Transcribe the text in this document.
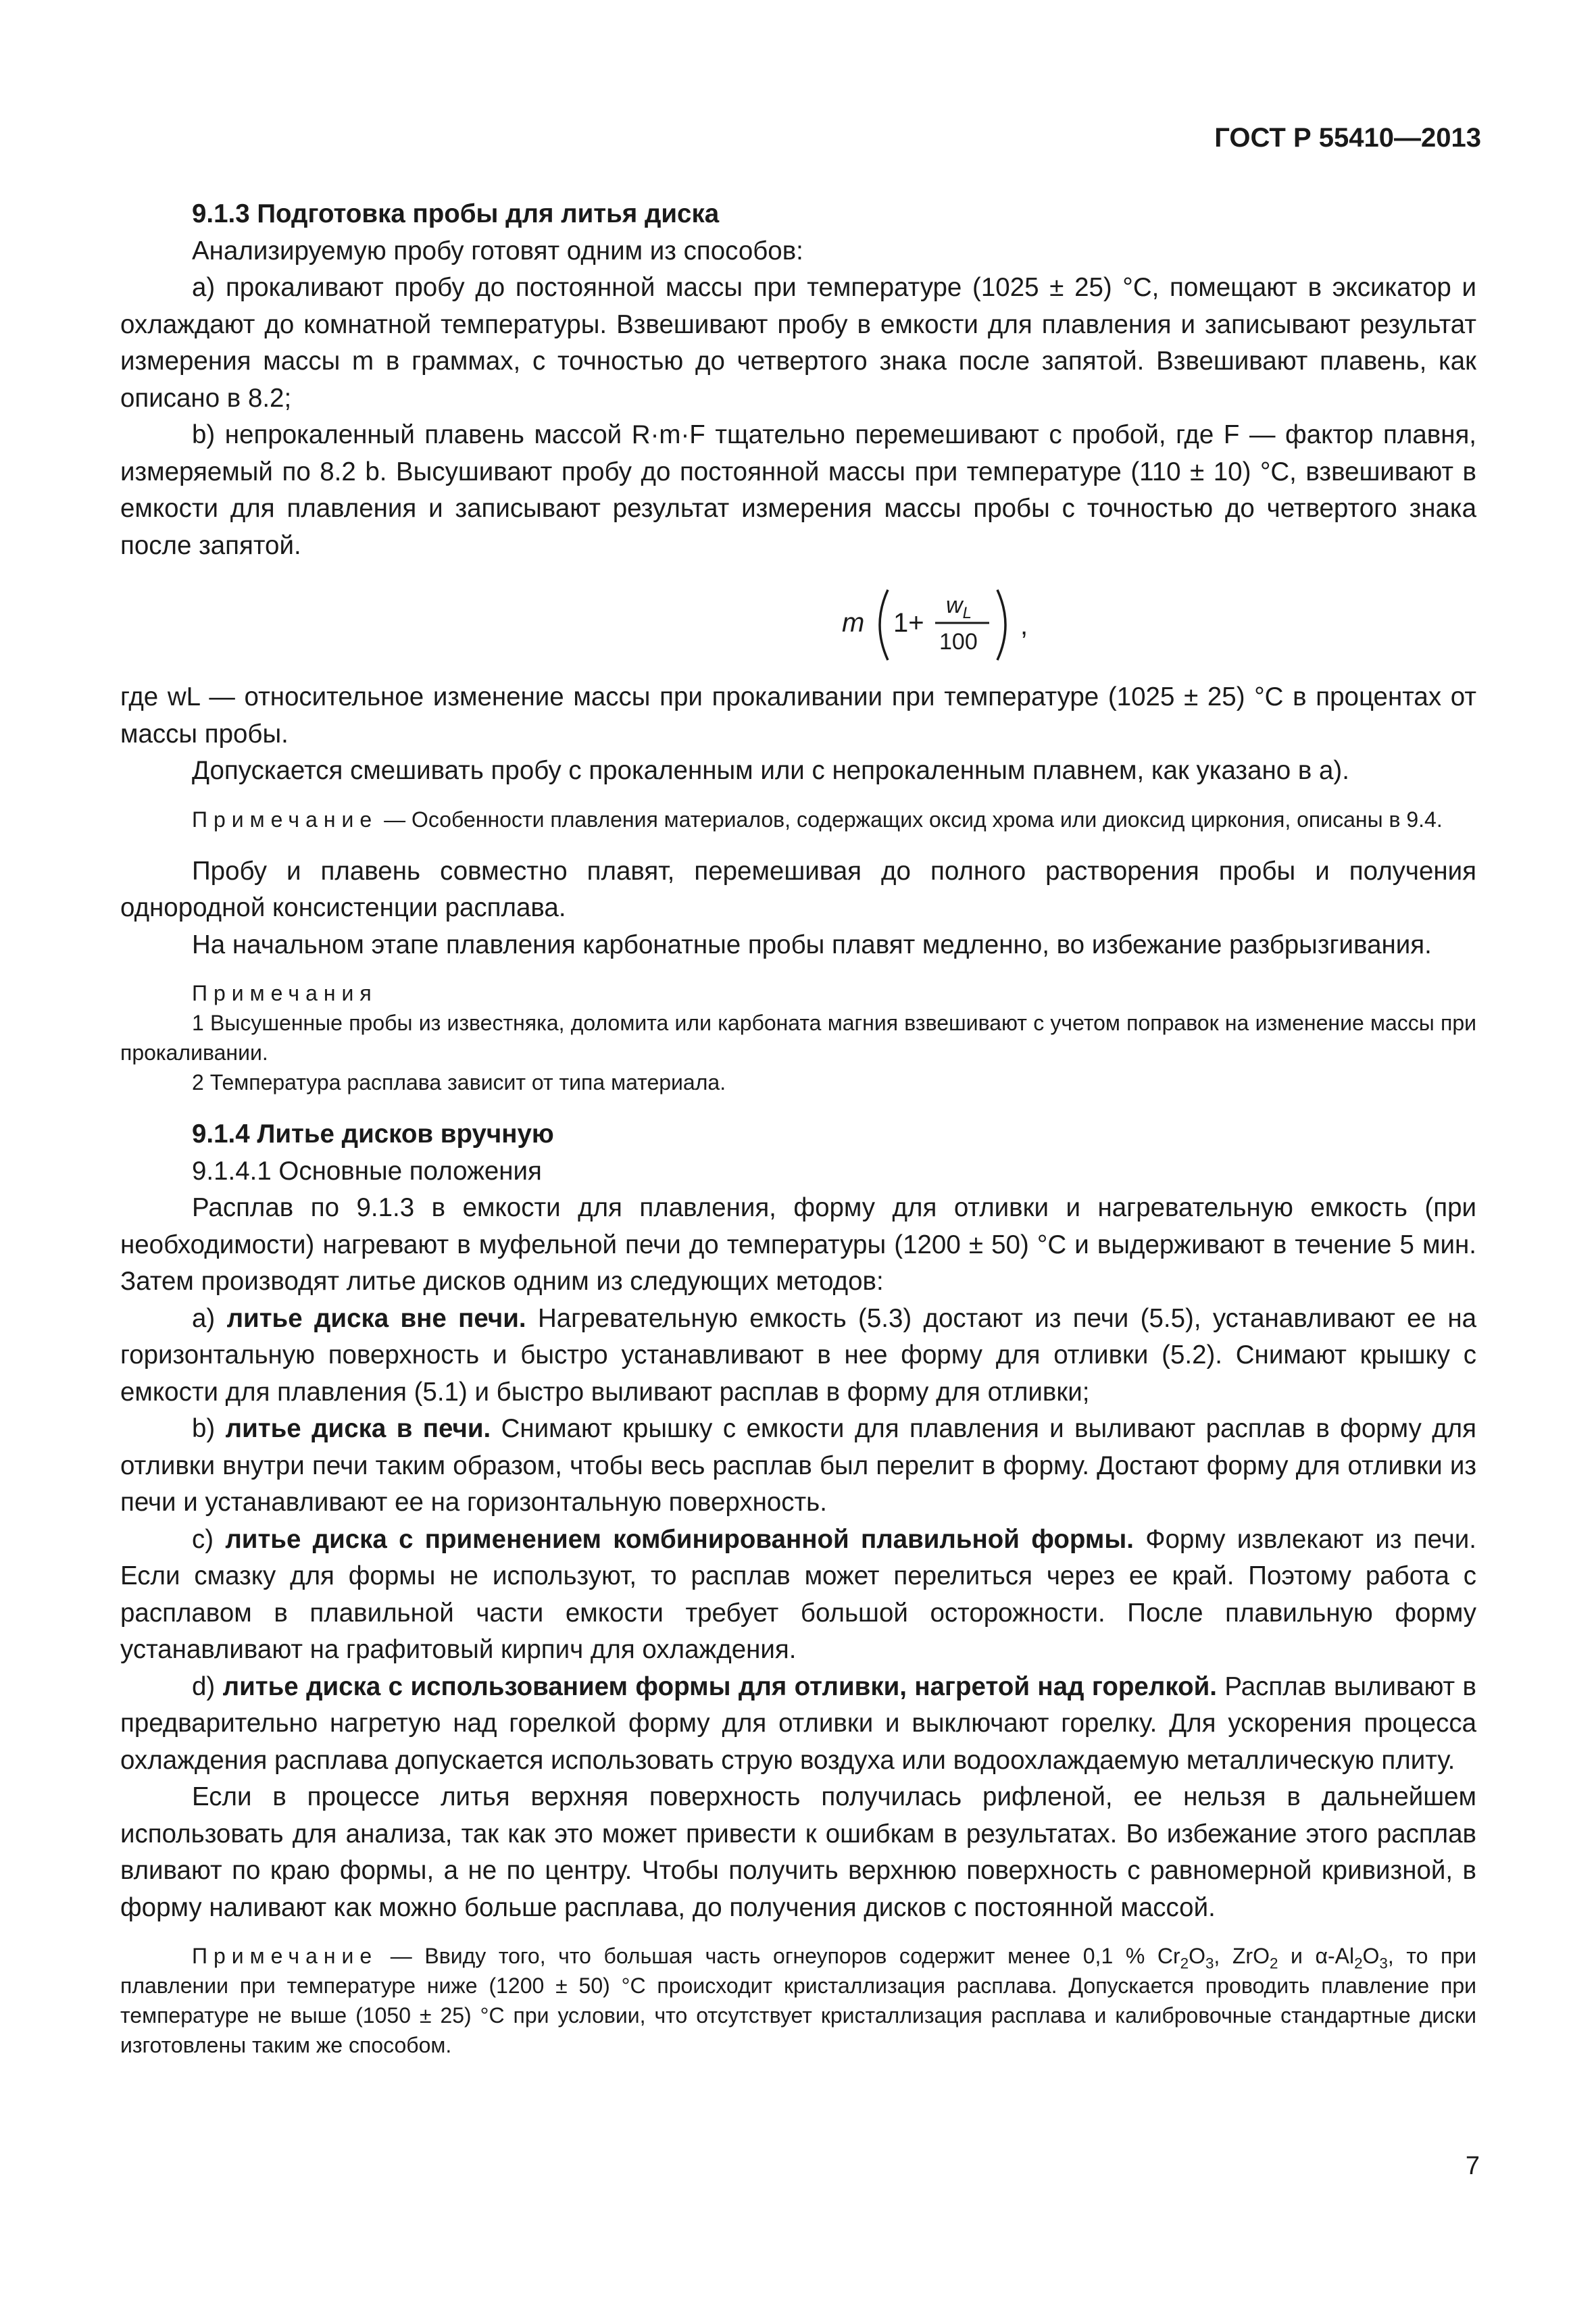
ГОСТ Р 55410—2013

9.1.3 Подготовка пробы для литья диска

Анализируемую пробу готовят одним из способов:

а) прокаливают пробу до постоянной массы при температуре (1025 ± 25) °С, помещают в эксикатор и охлаждают до комнатной температуры. Взвешивают пробу в емкости для плавления и записывают результат измерения массы m в граммах, с точностью до четвертого знака после запятой. Взвешивают плавень, как описано в 8.2;

b) непрокаленный плавень массой R·m·F тщательно перемешивают с пробой, где F — фактор плавня, измеряемый по 8.2 b. Высушивают пробу до постоянной массы при температуре (110 ± 10) °С, взвешивают в емкости для плавления и записывают результат измерения массы пробы с точностью до четвертого знака после запятой.

m 1+
$w_L$
100
,

где wL — относительное изменение массы при прокаливании при температуре (1025 ± 25) °С в процентах от массы пробы.

Допускается смешивать пробу с прокаленным или с непрокаленным плавнем, как указано в а).

Примечание — Особенности плавления материалов, содержащих оксид хрома или диоксид циркония, описаны в 9.4.

Пробу и плавень совместно плавят, перемешивая до полного растворения пробы и получения однородной консистенции расплава.

На начальном этапе плавления карбонатные пробы плавят медленно, во избежание разбрызгивания.

Примечания

1 Высушенные пробы из известняка, доломита или карбоната магния взвешивают с учетом поправок на изменение массы при прокаливании.

2 Температура расплава зависит от типа материала.

9.1.4 Литье дисков вручную

9.1.4.1 Основные положения

Расплав по 9.1.3 в емкости для плавления, форму для отливки и нагревательную емкость (при необходимости) нагревают в муфельной печи до температуры (1200 ± 50) °С и выдерживают в течение 5 мин. Затем производят литье дисков одним из следующих методов:

а) литье диска вне печи. Нагревательную емкость (5.3) достают из печи (5.5), устанавливают ее на горизонтальную поверхность и быстро устанавливают в нее форму для отливки (5.2). Снимают крышку с емкости для плавления (5.1) и быстро выливают расплав в форму для отливки;

b) литье диска в печи. Снимают крышку с емкости для плавления и выливают расплав в форму для отливки внутри печи таким образом, чтобы весь расплав был перелит в форму. Достают форму для отливки из печи и устанавливают ее на горизонтальную поверхность.

с) литье диска с применением комбинированной плавильной формы. Форму извлекают из печи. Если смазку для формы не используют, то расплав может перелиться через ее край. Поэтому работа с расплавом в плавильной части емкости требует большой осторожности. После плавильную форму устанавливают на графитовый кирпич для охлаждения.

d) литье диска с использованием формы для отливки, нагретой над горелкой. Расплав выливают в предварительно нагретую над горелкой форму для отливки и выключают горелку. Для ускорения процесса охлаждения расплава допускается использовать струю воздуха или водоохлаждаемую металлическую плиту.

Если в процессе литья верхняя поверхность получилась рифленой, ее нельзя в дальнейшем использовать для анализа, так как это может привести к ошибкам в результатах. Во избежание этого расплав вливают по краю формы, а не по центру. Чтобы получить верхнюю поверхность с равномерной кривизной, в форму наливают как можно больше расплава, до получения дисков с постоянной массой.

Примечание — Ввиду того, что большая часть огнеупоров содержит менее 0,1 % $Cr_2O_3$, ZrO$_2$ и $\alpha-Al_2O_3$, то при плавлении при температуре ниже (1200 ± 50) °С происходит кристаллизация расплава. Допускается проводить плавление при температуре не выше (1050 ± 25) °С при условии, что отсутствует кристаллизация расплава и калибровочные стандартные диски изготовлены таким же способом.

7
